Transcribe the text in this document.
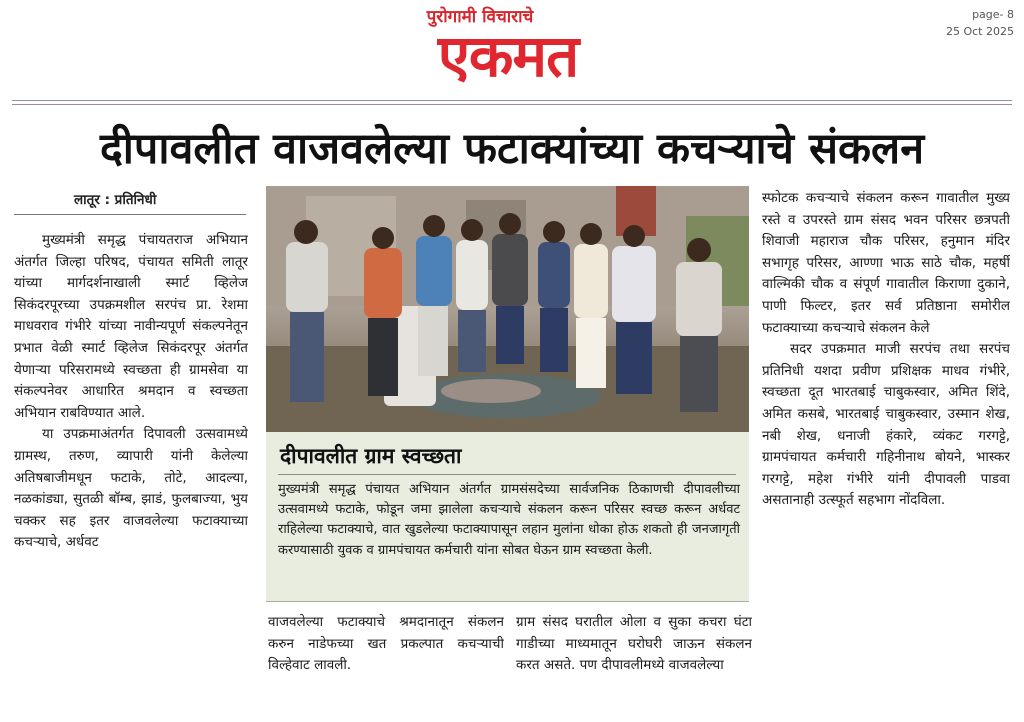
पुरोगामी विचाराचे
एकमत
page- 8
25 Oct 2025
दीपावलीत वाजवलेल्या फटाक्यांच्या कचऱ्याचे संकलन
लातूर : प्रतिनिधी

मुख्यमंत्री समृद्ध पंचायतराज अभियान अंतर्गत जिल्हा परिषद, पंचायत समिती लातूर यांच्या मार्गदर्शनाखाली स्मार्ट व्हिलेज सिकंदरपूरच्या उपक्रमशील सरपंच प्रा. रेशमा माधवराव गंभीरे यांच्या नावीन्यपूर्ण संकल्पनेतून प्रभात वेळी स्मार्ट व्हिलेज सिकंदरपूर अंतर्गत येणाऱ्या परिसरामध्ये स्वच्छता ही ग्रामसेवा या संकल्पनेवर आधारित श्रमदान व स्वच्छता अभियान राबविण्यात आले.

या उपक्रमाअंतर्गत दिपावली उत्सवामध्ये ग्रामस्थ, तरुण, व्यापारी यांनी केलेल्या अतिषबाजीमधून फटाके, तोटे, आदल्या, नळकांड्या, सुतळी बॉम्ब, झाडं, फुलबाज्या, भुय चक्कर सह इतर वाजवलेल्या फटाक्याच्या कचऱ्याचे, अर्धवट

दीपावलीत ग्राम स्वच्छता
मुख्यमंत्री समृद्ध पंचायत अभियान अंतर्गत ग्रामसंसदेच्या सार्वजनिक ठिकाणची दीपावलीच्या उत्सवामध्ये फटाके, फोडून जमा झालेला कचऱ्याचे संकलन करून परिसर स्वच्छ करून अर्धवट राहिलेल्या फटाक्याचे, वात खुडलेल्या फटाक्यापासून लहान मुलांना धोका होऊ शकतो ही जनजागृती करण्यासाठी युवक व ग्रामपंचायत कर्मचारी यांना सोबत घेऊन ग्राम स्वच्छता केली.

वाजवलेल्या फटाक्याचे श्रमदानातून संकलन करुन नाडेफच्या खत प्रकल्पात कचऱ्याची विल्हेवाट लावली.

ग्राम संसद घरातील ओला व सुका कचरा घंटा गाडीच्या माध्यमातून घरोघरी जाऊन संकलन करत असते. पण दीपावलीमध्ये वाजवलेल्या

स्फोटक कचऱ्याचे संकलन करून गावातील मुख्य रस्ते व उपरस्ते ग्राम संसद भवन परिसर छत्रपती शिवाजी महाराज चौक परिसर, हनुमान मंदिर सभागृह परिसर, आण्णा भाऊ साठे चौक, महर्षी वाल्मिकी चौक व संपूर्ण गावातील किराणा दुकाने, पाणी फिल्टर, इतर सर्व प्रतिष्ठाना समोरील फटाक्याच्या कचऱ्याचे संकलन केले

सदर उपक्रमात माजी सरपंच तथा सरपंच प्रतिनिधी यशदा प्रवीण प्रशिक्षक माधव गंभीरे, स्वच्छता दूत भारतबाई चाबुकस्वार, अमित शिंदे, अमित कसबे, भारतबाई चाबुकस्वार, उस्मान शेख, नबी शेख, धनाजी हंकारे, व्यंकट गरगट्टे, ग्रामपंचायत कर्मचारी गहिनीनाथ बोयने, भास्कर गरगट्टे, महेश गंभीरे यांनी दीपावली पाडवा असतानाही उत्स्फूर्त सहभाग नोंदविला.
